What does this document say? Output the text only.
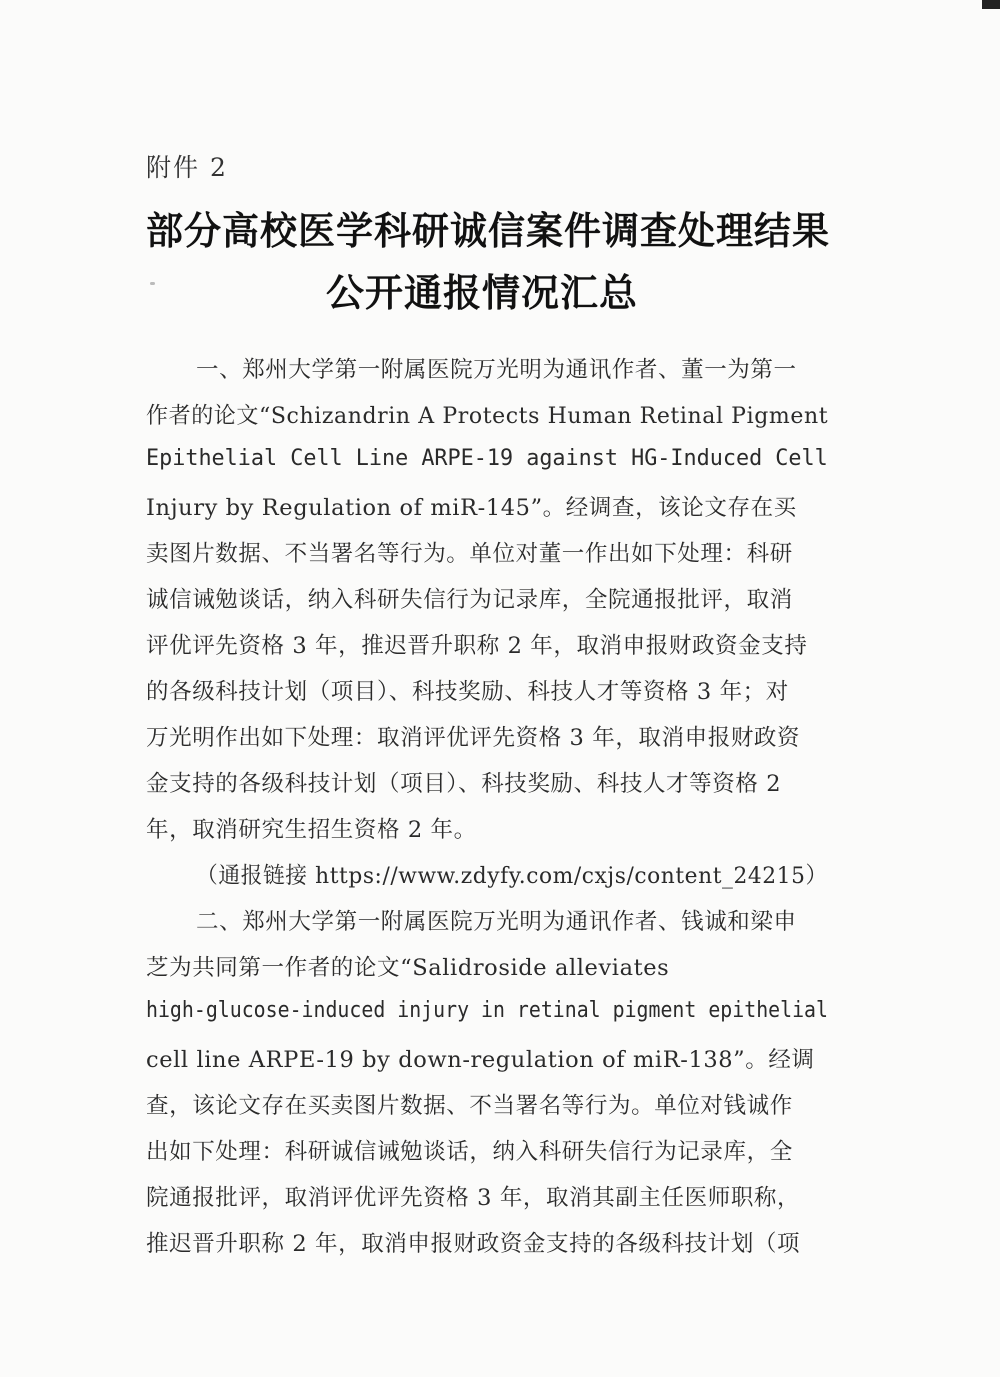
附件 2
部分高校医学科研诚信案件调查处理结果
公开通报情况汇总
一、郑州大学第一附属医院万光明为通讯作者、董一为第一
作者的论文“Schizandrin A Protects Human Retinal Pigment
Epithelial Cell Line ARPE-19 against HG-Induced Cell
Injury by Regulation of miR-145”。经调查，该论文存在买
卖图片数据、不当署名等行为。单位对董一作出如下处理：科研
诚信诫勉谈话，纳入科研失信行为记录库，全院通报批评，取消
评优评先资格 3 年，推迟晋升职称 2 年，取消申报财政资金支持
的各级科技计划（项目）、科技奖励、科技人才等资格 3 年；对
万光明作出如下处理：取消评优评先资格 3 年，取消申报财政资
金支持的各级科技计划（项目）、科技奖励、科技人才等资格 2
年，取消研究生招生资格 2 年。
（通报链接 https://www.zdyfy.com/cxjs/content_24215）
二、郑州大学第一附属医院万光明为通讯作者、钱诚和梁申
芝为共同第一作者的论文“Salidroside alleviates
high-glucose-induced injury in retinal pigment epithelial
cell line ARPE-19 by down-regulation of miR-138”。经调
查，该论文存在买卖图片数据、不当署名等行为。单位对钱诚作
出如下处理：科研诚信诫勉谈话，纳入科研失信行为记录库，全
院通报批评，取消评优评先资格 3 年，取消其副主任医师职称，
推迟晋升职称 2 年，取消申报财政资金支持的各级科技计划（项
